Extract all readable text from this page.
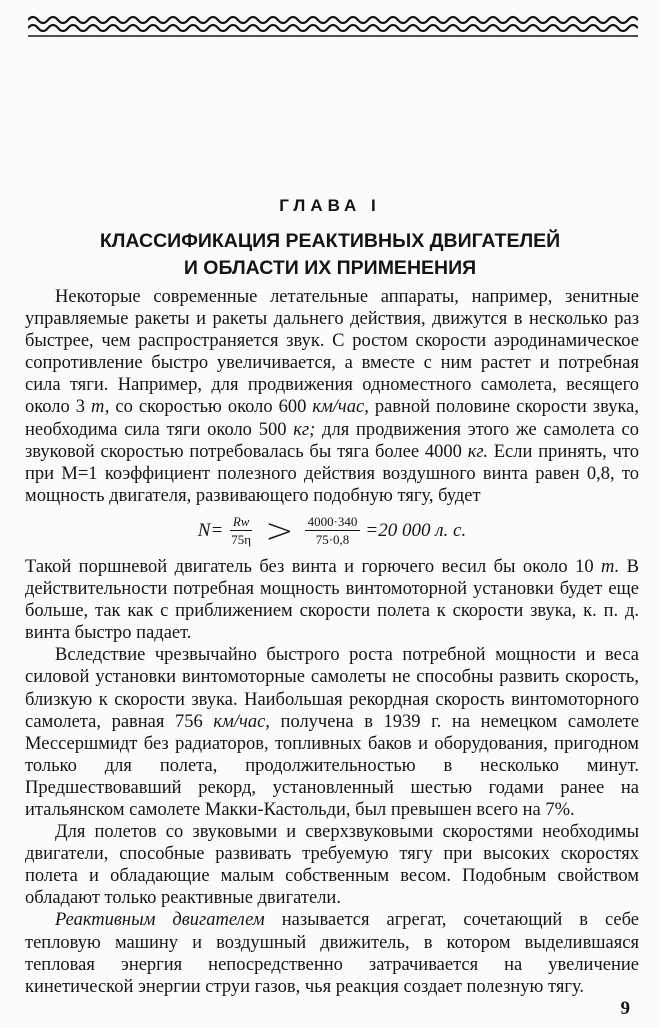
ГЛАВА I
КЛАССИФИКАЦИЯ РЕАКТИВНЫХ ДВИГАТЕЛЕЙ
И ОБЛАСТИ ИХ ПРИМЕНЕНИЯ

Некоторые современные летательные аппараты, например, зенитные управляемые ракеты и ракеты дальнего действия, движутся в несколько раз быстрее, чем распространяется звук. С ростом скорости аэродинамическое сопротивление быстро увеличивается, а вместе с ним растет и потребная сила тяги. Например, для продвижения одноместного самолета, весящего около 3 т, со скоростью около 600 км/час, равной половине скорости звука, необходима сила тяги около 500 кг; для продвижения этого же самолета со звуковой скоростью потребовалась бы тяга более 4000 кг. Если принять, что при М=1 коэффициент полезного действия воздушного винта равен 0,8, то мощность двигателя, развивающего подобную тягу, будет

$N= \frac{Rw}{75\eta} > \frac{4000\cdot 340}{75\cdot 0,8} =20$ 000 л. с.

Такой поршневой двигатель без винта и горючего весил бы около 10 т. В действительности потребная мощность винтомоторной установки будет еще больше, так как с приближением скорости полета к скорости звука, к. п. д. винта быстро падает.

Вследствие чрезвычайно быстрого роста потребной мощности и веса силовой установки винтомоторные самолеты не способны развить скорость, близкую к скорости звука. Наибольшая рекордная скорость винтомоторного самолета, равная 756 км/час, получена в 1939 г. на немецком самолете Мессершмидт без радиаторов, топливных баков и оборудования, пригодном только для полета, продолжительностью в несколько минут. Предшествовавший рекорд, установленный шестью годами ранее на итальянском самолете Макки-Кастольди, был превышен всего на 7%.

Для полетов со звуковыми и сверхзвуковыми скоростями необходимы двигатели, способные развивать требуемую тягу при высоких скоростях полета и обладающие малым собственным весом. Подобным свойством обладают только реактивные двигатели.

Реактивным двигателем называется агрегат, сочетающий в себе тепловую машину и воздушный движитель, в котором выделившаяся тепловая энергия непосредственно затрачивается на увеличение кинетической энергии струи газов, чья реакция создает полезную тягу.

9
